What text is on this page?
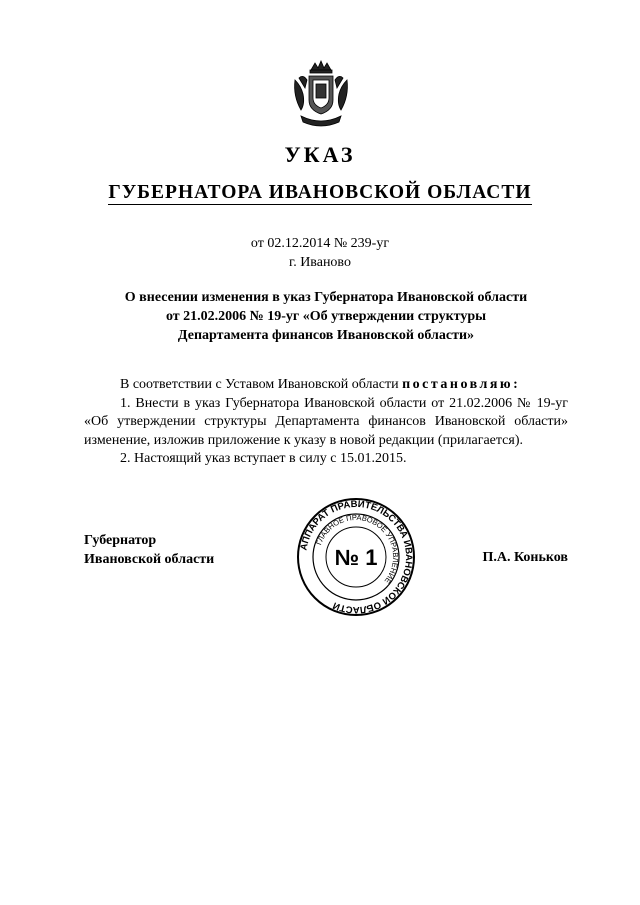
УКАЗ
ГУБЕРНАТОРА ИВАНОВСКОЙ ОБЛАСТИ
от 02.12.2014 № 239-уг
г. Иваново
О внесении изменения в указ Губернатора Ивановской области
от 21.02.2006 № 19-уг «Об утверждении структуры
Департамента финансов Ивановской области»

В соответствии с Уставом Ивановской области постановляю:

1. Внести в указ Губернатора Ивановской области от 21.02.2006 № 19-уг «Об утверждении структуры Департамента финансов Ивановской области» изменение, изложив приложение к указу в новой редакции (прилагается).

2. Настоящий указ вступает в силу с 15.01.2015.

Губернатор
Ивановской области
АППАРАТ ПРАВИТЕЛЬСТВА ИВАНОВСКОЙ ОБЛАСТИ
ГЛАВНОЕ ПРАВОВОЕ УПРАВЛЕНИЕ
№ 1	П.А. Коньков
